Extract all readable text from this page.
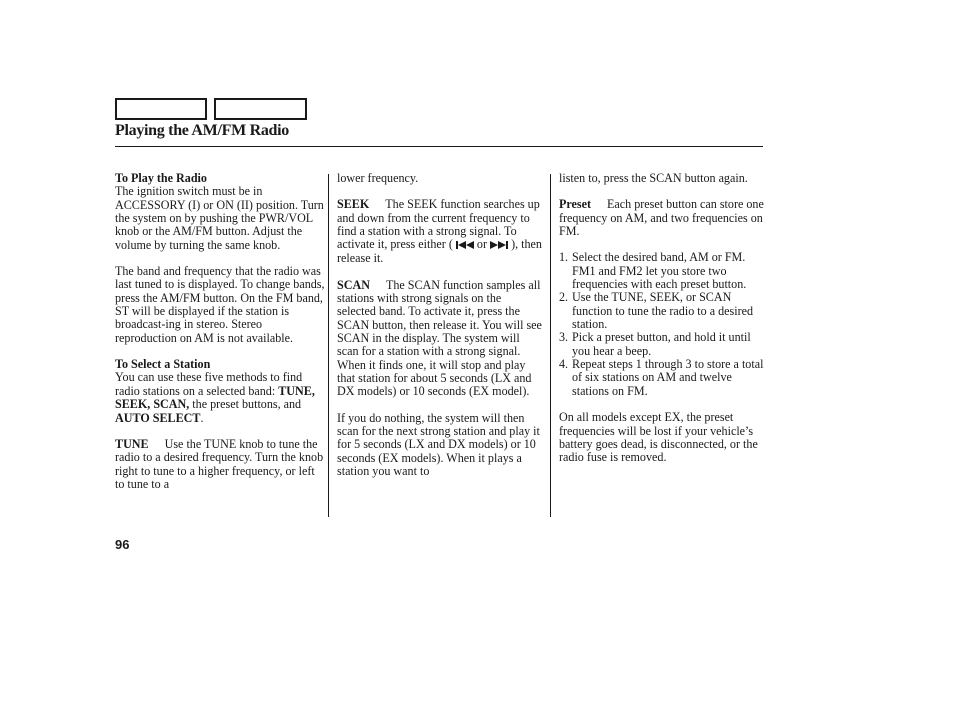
Playing the AM/FM Radio

To Play the Radio
The ignition switch must be in ACCESSORY (I) or ON (II) position. Turn the system on by pushing the PWR/VOL knob or the AM/FM button. Adjust the volume by turning the same knob.

The band and frequency that the radio was last tuned to is displayed. To change bands, press the AM/FM button. On the FM band, ST will be displayed if the station is broadcast-ing in stereo. Stereo reproduction on AM is not available.

To Select a Station
You can use these five methods to find radio stations on a selected band: TUNE, SEEK, SCAN, the preset buttons, and AUTO SELECT.

TUNE Use the TUNE knob to tune the radio to a desired frequency. Turn the knob right to tune to a higher frequency, or left to tune to a

lower frequency.

SEEK The SEEK function searches up and down from the current frequency to find a station with a strong signal. To activate it, press either ( or ), then release it.

SCAN The SCAN function samples all stations with strong signals on the selected band. To activate it, press the SCAN button, then release it. You will see SCAN in the display. The system will scan for a station with a strong signal. When it finds one, it will stop and play that station for about 5 seconds (LX and DX models) or 10 seconds (EX model).

If you do nothing, the system will then scan for the next strong station and play it for 5 seconds (LX and DX models) or 10 seconds (EX models). When it plays a station you want to

listen to, press the SCAN button again.

Preset Each preset button can store one frequency on AM, and two frequencies on FM.

1. Select the desired band, AM or FM. FM1 and FM2 let you store two frequencies with each preset button.
2. Use the TUNE, SEEK, or SCAN function to tune the radio to a desired station.
3. Pick a preset button, and hold it until you hear a beep.
4. Repeat steps 1 through 3 to store a total of six stations on AM and twelve stations on FM.

On all models except EX, the preset frequencies will be lost if your vehicle’s battery goes dead, is disconnected, or the radio fuse is removed.

96
